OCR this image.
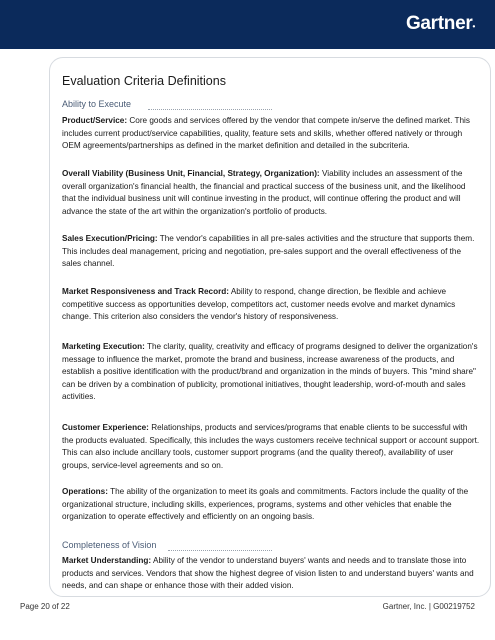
Gartner•
Evaluation Criteria Definitions
Ability to Execute

Product/Service: Core goods and services offered by the vendor that compete in/serve the defined market. This includes current product/service capabilities, quality, feature sets and skills, whether offered natively or through OEM agreements/partnerships as defined in the market definition and detailed in the subcriteria.

Overall Viability (Business Unit, Financial, Strategy, Organization): Viability includes an assessment of the overall organization's financial health, the financial and practical success of the business unit, and the likelihood that the individual business unit will continue investing in the product, will continue offering the product and will advance the state of the art within the organization's portfolio of products.

Sales Execution/Pricing: The vendor's capabilities in all pre-sales activities and the structure that supports them. This includes deal management, pricing and negotiation, pre-sales support and the overall effectiveness of the sales channel.

Market Responsiveness and Track Record: Ability to respond, change direction, be flexible and achieve competitive success as opportunities develop, competitors act, customer needs evolve and market dynamics change. This criterion also considers the vendor's history of responsiveness.

Marketing Execution: The clarity, quality, creativity and efficacy of programs designed to deliver the organization's message to influence the market, promote the brand and business, increase awareness of the products, and establish a positive identification with the product/brand and organization in the minds of buyers. This "mind share" can be driven by a combination of publicity, promotional initiatives, thought leadership, word-of-mouth and sales activities.

Customer Experience: Relationships, products and services/programs that enable clients to be successful with the products evaluated. Specifically, this includes the ways customers receive technical support or account support. This can also include ancillary tools, customer support programs (and the quality thereof), availability of user groups, service-level agreements and so on.

Operations: The ability of the organization to meet its goals and commitments. Factors include the quality of the organizational structure, including skills, experiences, programs, systems and other vehicles that enable the organization to operate effectively and efficiently on an ongoing basis.

Completeness of Vision

Market Understanding: Ability of the vendor to understand buyers' wants and needs and to translate those into products and services. Vendors that show the highest degree of vision listen to and understand buyers' wants and needs, and can shape or enhance those with their added vision.

Page 20 of 22	Gartner, Inc. | G00219752
